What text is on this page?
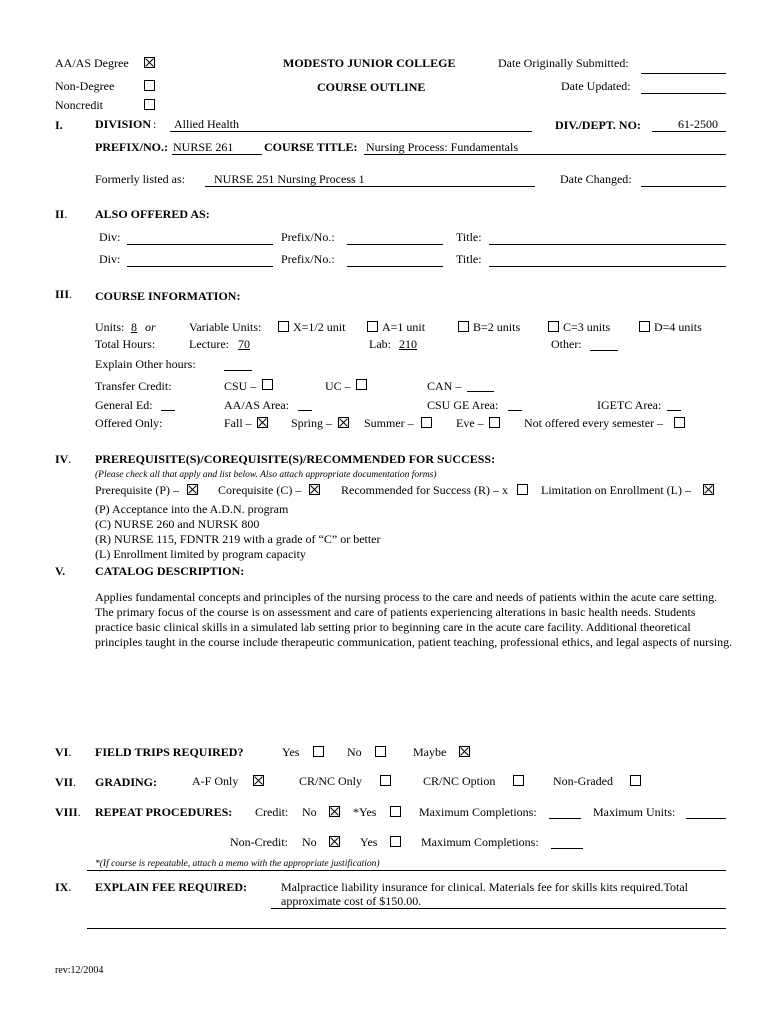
AA/AS Degree
Non-Degree
Noncredit
MODESTO JUNIOR COLLEGE
COURSE OUTLINE
Date Originally Submitted:
Date Updated:
I.	DIVISION : Allied Health	DIV./DEPT. NO:	61-2500
PREFIX/NO.: NURSE 261	COURSE TITLE: Nursing Process: Fundamentals
Formerly listed as: NURSE 251 Nursing Process 1	Date Changed:
II. ALSO OFFERED AS:
Div:	Prefix/No.:	Title:
Div:	Prefix/No.:	Title:
III. COURSE INFORMATION:
Units: 8 or	Variable Units:	X=1/2 unit	A=1 unit	B=2 units	C=3 units	D=4 units
Total Hours:	Lecture: 70	Lab: 210	Other:
Explain Other hours:
Transfer Credit:	CSU –	UC –	CAN –
General Ed:	AA/AS Area:	CSU GE Area:	IGETC Area:
Offered Only:	Fall –	Spring –	Summer –	Eve –	Not offered every semester –
IV. PREREQUISITE(S)/COREQUISITE(S)/RECOMMENDED FOR SUCCESS:
(Please check all that apply and list below. Also attach appropriate documentation forms)
Prerequisite (P) –	Corequisite (C) –	Recommended for Success (R) – x	Limitation on Enrollment (L) –
(P) Acceptance into the A.D.N. program
(C) NURSE 260 and NURSK 800
(R) NURSE 115, FDNTR 219 with a grade of “C” or better
(L) Enrollment limited by program capacity
V. CATALOG DESCRIPTION:
Applies fundamental concepts and principles of the nursing process to the care and needs of patients within the acute care setting. The primary focus of the course is on assessment and care of patients experiencing alterations in basic health needs. Students practice basic clinical skills in a simulated lab setting prior to beginning care in the acute care facility. Additional theoretical principles taught in the course include therapeutic communication, patient teaching, professional ethics, and legal aspects of nursing.
VI. FIELD TRIPS REQUIRED?	Yes	No	Maybe
VII. GRADING:	A-F Only	CR/NC Only	CR/NC Option	Non-Graded
VIII. REPEAT PROCEDURES: Credit: No	*Yes	Maximum Completions:	Maximum Units:
Non-Credit: No	Yes	Maximum Completions:
*(If course is repeatable, attach a memo with the appropriate justification)
IX. EXPLAIN FEE REQUIRED:	Malpractice liability insurance for clinical. Materials fee for skills kits required.Total
approximate cost of $150.00.
rev:12/2004
